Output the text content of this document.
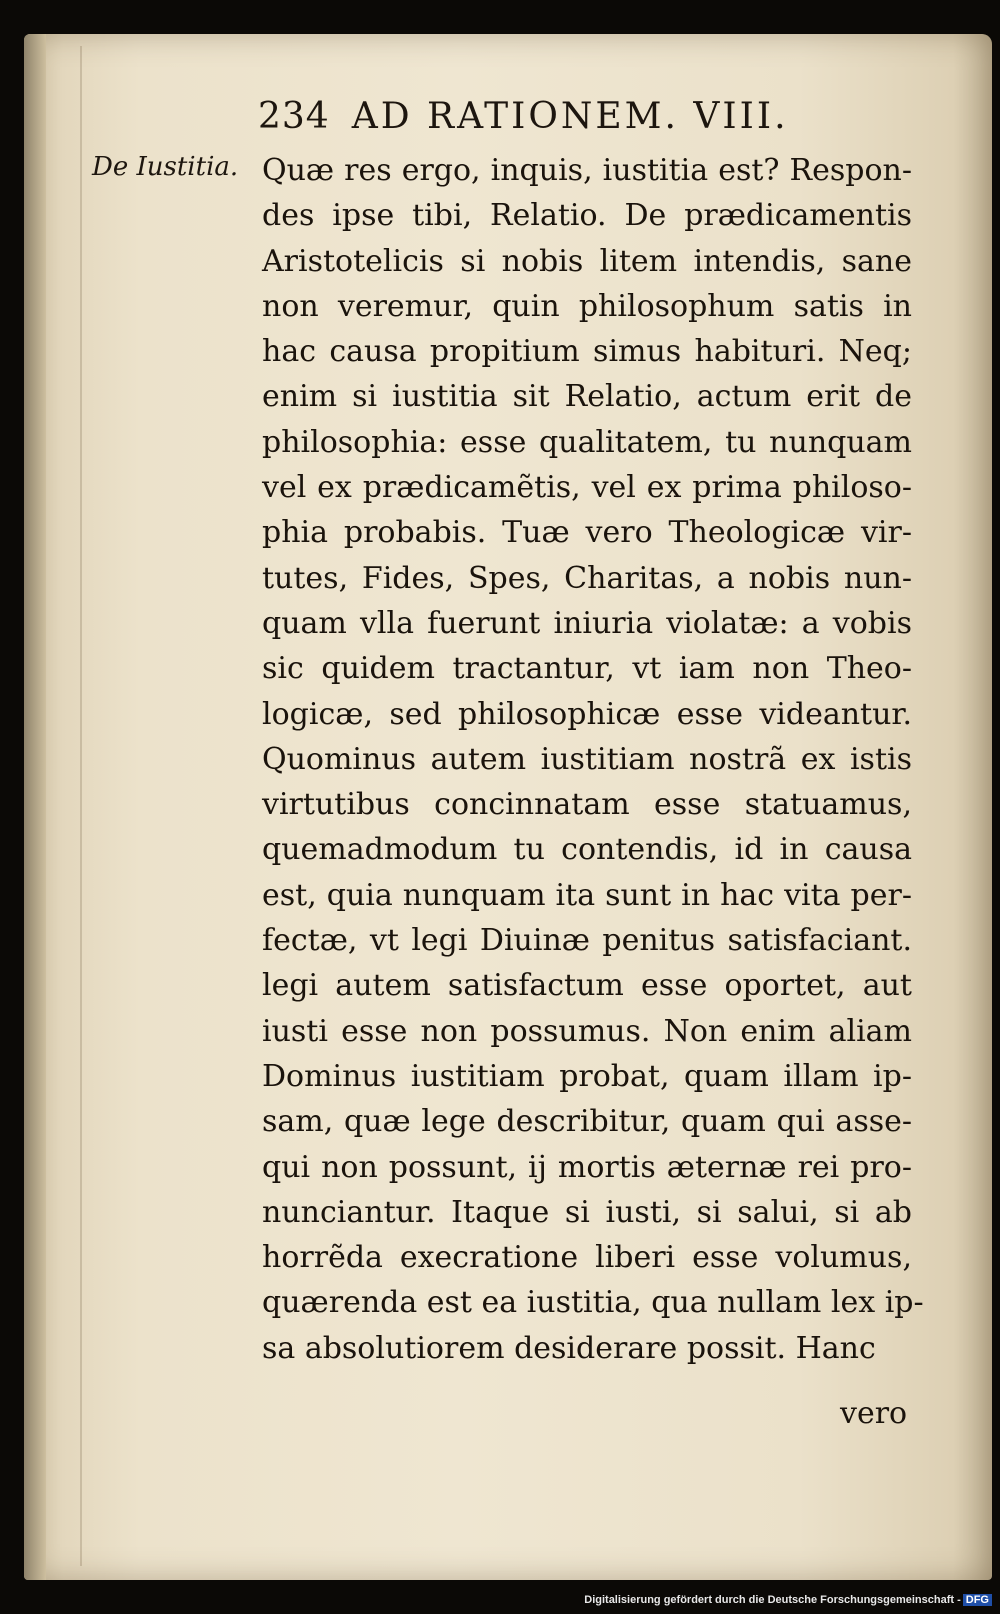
234 AD RATIONEM. VIII.
De Iustitia. Quæ res ergo, inquis, iustitia est? Respon-
des ipse tibi, Relatio. De prædicamentis
Aristotelicis si nobis litem intendis, sane
non veremur, quin philosophum satis in
hac causa propitium simus habituri. Neq;
enim si iustitia sit Relatio, actum erit de
philosophia: esse qualitatem, tu nunquam
vel ex prædicamẽtis, vel ex prima philoso-
phia probabis. Tuæ vero Theologicæ vir-
tutes, Fides, Spes, Charitas, a nobis nun-
quam vlla fuerunt iniuria violatæ: a vobis
sic quidem tractantur, vt iam non Theo-
logicæ, sed philosophicæ esse videantur.
Quominus autem iustitiam nostrã ex istis
virtutibus concinnatam esse statuamus,
quemadmodum tu contendis, id in causa
est, quia nunquam ita sunt in hac vita per-
fectæ, vt legi Diuinæ penitus satisfaciant.
legi autem satisfactum esse oportet, aut
iusti esse non possumus. Non enim aliam
Dominus iustitiam probat, quam illam ip-
sam, quæ lege describitur, quam qui asse-
qui non possunt, ij mortis æternæ rei pro-
nunciantur. Itaque si iusti, si salui, si ab
horrẽda execratione liberi esse volumus,
quærenda est ea iustitia, qua nullam lex ip-
sa absolutiorem desiderare possit. Hanc
vero
Digitalisierung gefördert durch die Deutsche Forschungsgemeinschaft - DFG
